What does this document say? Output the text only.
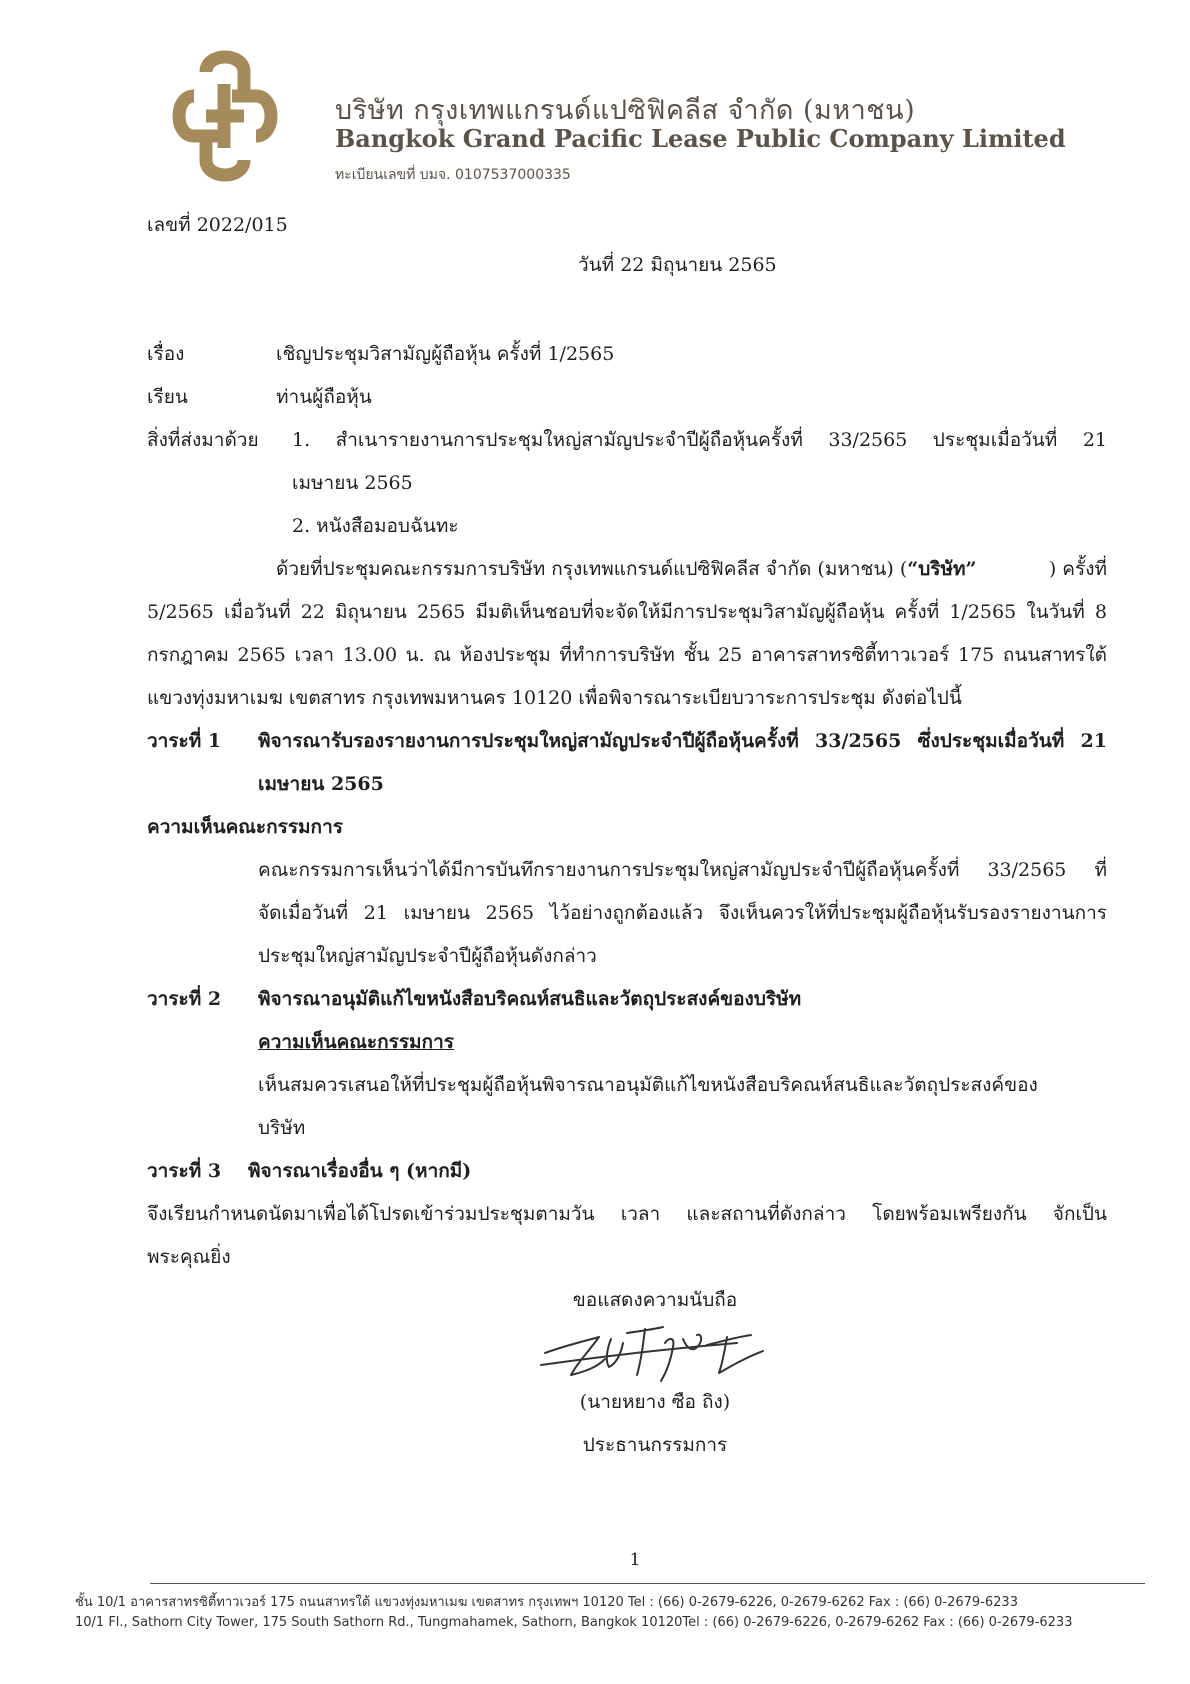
บริษัท กรุงเทพแกรนด์แปซิฟิคลีส จำกัด (มหาชน)
Bangkok Grand Pacific Lease Public Company Limited
ทะเบียนเลขที่ บมจ. 0107537000335
เลขที่ 2022/015
วันที่ 22 มิถุนายน 2565
เรื่อง	เชิญประชุมวิสามัญผู้ถือหุ้น ครั้งที่ 1/2565
เรียน	ท่านผู้ถือหุ้น
สิ่งที่ส่งมาด้วย 1. สำเนารายงานการประชุมใหญ่สามัญประจำปีผู้ถือหุ้นครั้งที่ 33/2565 ประชุมเมื่อวันที่ 21
เมษายน 2565
2. หนังสือมอบฉันทะ
ด้วยที่ประชุมคณะกรรมการบริษัท กรุงเทพแกรนด์แปซิฟิคลีส จำกัด (มหาชน) (“บริษัท”	) ครั้งที่
5/2565 เมื่อวันที่ 22 มิถุนายน 2565 มีมติเห็นชอบที่จะจัดให้มีการประชุมวิสามัญผู้ถือหุ้น ครั้งที่ 1/2565 ในวันที่ 8
กรกฎาคม 2565 เวลา 13.00 น. ณ ห้องประชุม ที่ทำการบริษัท ชั้น 25 อาคารสาทรซิตี้ทาวเวอร์ 175 ถนนสาทรใต้
แขวงทุ่งมหาเมฆ เขตสาทร กรุงเทพมหานคร 10120 เพื่อพิจารณาระเบียบวาระการประชุม ดังต่อไปนี้
วาระที่ 1 พิจารณารับรองรายงานการประชุมใหญ่สามัญประจำปีผู้ถือหุ้นครั้งที่ 33/2565 ซึ่งประชุมเมื่อวันที่ 21
เมษายน 2565
ความเห็นคณะกรรมการ
คณะกรรมการเห็นว่าได้มีการบันทึกรายงานการประชุมใหญ่สามัญประจำปีผู้ถือหุ้นครั้งที่ 33/2565 ที่
จัดเมื่อวันที่ 21 เมษายน 2565 ไว้อย่างถูกต้องแล้ว จึงเห็นควรให้ที่ประชุมผู้ถือหุ้นรับรองรายงานการ
ประชุมใหญ่สามัญประจำปีผู้ถือหุ้นดังกล่าว
วาระที่ 2 พิจารณาอนุมัติแก้ไขหนังสือบริคณห์สนธิและวัตถุประสงค์ของบริษัท
ความเห็นคณะกรรมการ
เห็นสมควรเสนอให้ที่ประชุมผู้ถือหุ้นพิจารณาอนุมัติแก้ไขหนังสือบริคณห์สนธิและวัตถุประสงค์ของ
บริษัท
วาระที่ 3 พิจารณาเรื่องอื่น ๆ (หากมี)
จึงเรียนกำหนดนัดมาเพื่อได้โปรดเข้าร่วมประชุมตามวัน เวลา และสถานที่ดังกล่าว โดยพร้อมเพรียงกัน จักเป็น
พระคุณยิ่ง
ขอแสดงความนับถือ
(นายหยาง ซือ ถิง)
ประธานกรรมการ
1
ชั้น 10/1 อาคารสาทรซิตี้ทาวเวอร์ 175 ถนนสาทรใต้ แขวงทุ่งมหาเมฆ เขตสาทร กรุงเทพฯ 10120 Tel : (66) 0-2679-6226, 0-2679-6262 Fax : (66) 0-2679-6233
10/1 Fl., Sathorn City Tower, 175 South Sathorn Rd., Tungmahamek, Sathorn, Bangkok 10120Tel : (66) 0-2679-6226, 0-2679-6262 Fax : (66) 0-2679-6233
